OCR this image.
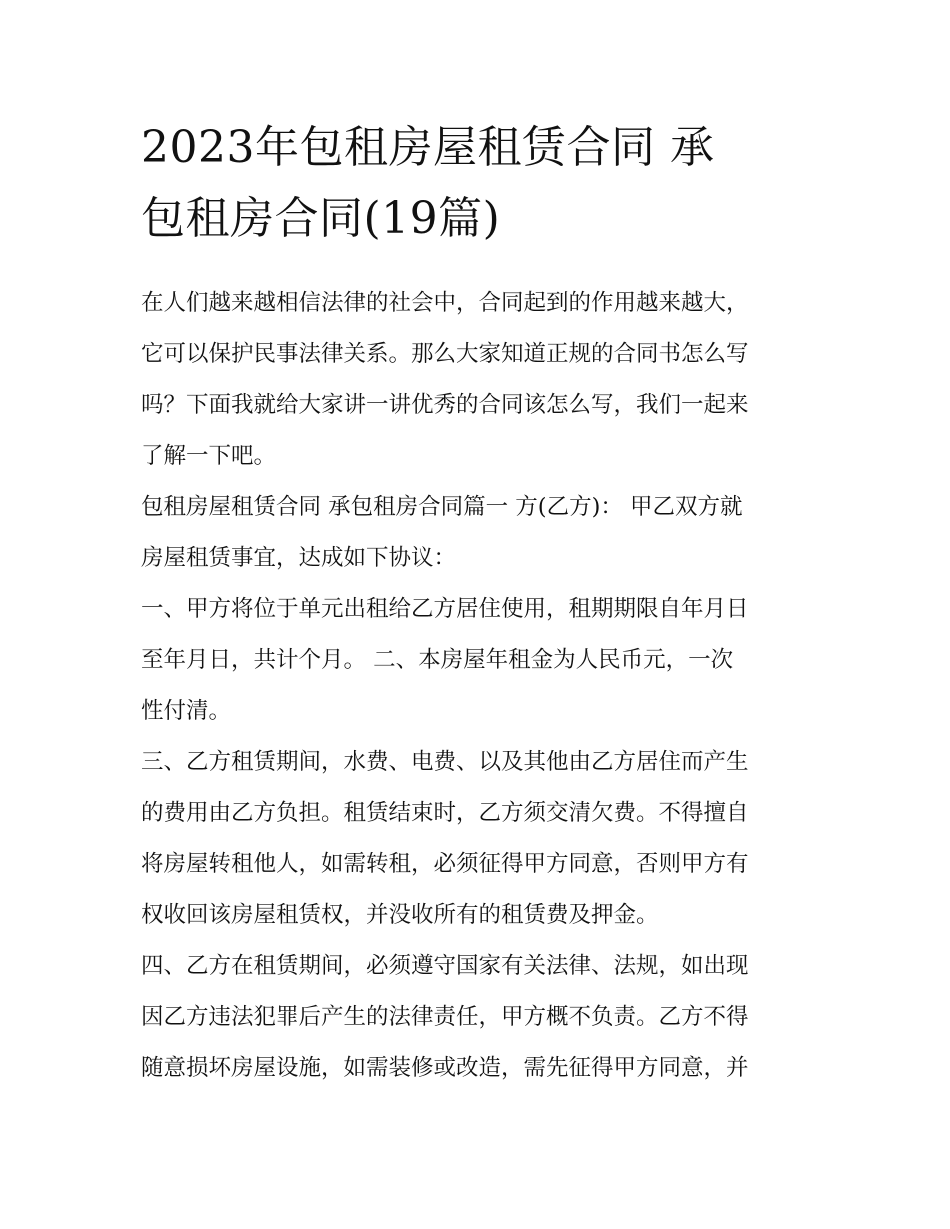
2023年包租房屋租赁合同 承
包租房合同(19篇)

在人们越来越相信法律的社会中，合同起到的作用越来越大，
它可以保护民事法律关系。那么大家知道正规的合同书怎么写
吗？下面我就给大家讲一讲优秀的合同该怎么写，我们一起来
了解一下吧。

包租房屋租赁合同 承包租房合同篇一 方(乙方)： 甲乙双方就
房屋租赁事宜，达成如下协议：

一、甲方将位于单元出租给乙方居住使用，租期期限自年月日
至年月日，共计个月。 二、本房屋年租金为人民币元，一次
性付清。

三、乙方租赁期间，水费、电费、以及其他由乙方居住而产生
的费用由乙方负担。租赁结束时，乙方须交清欠费。不得擅自
将房屋转租他人，如需转租，必须征得甲方同意，否则甲方有
权收回该房屋租赁权，并没收所有的租赁费及押金。

四、乙方在租赁期间，必须遵守国家有关法律、法规，如出现
因乙方违法犯罪后产生的法律责任，甲方概不负责。乙方不得
随意损坏房屋设施，如需装修或改造，需先征得甲方同意，并
